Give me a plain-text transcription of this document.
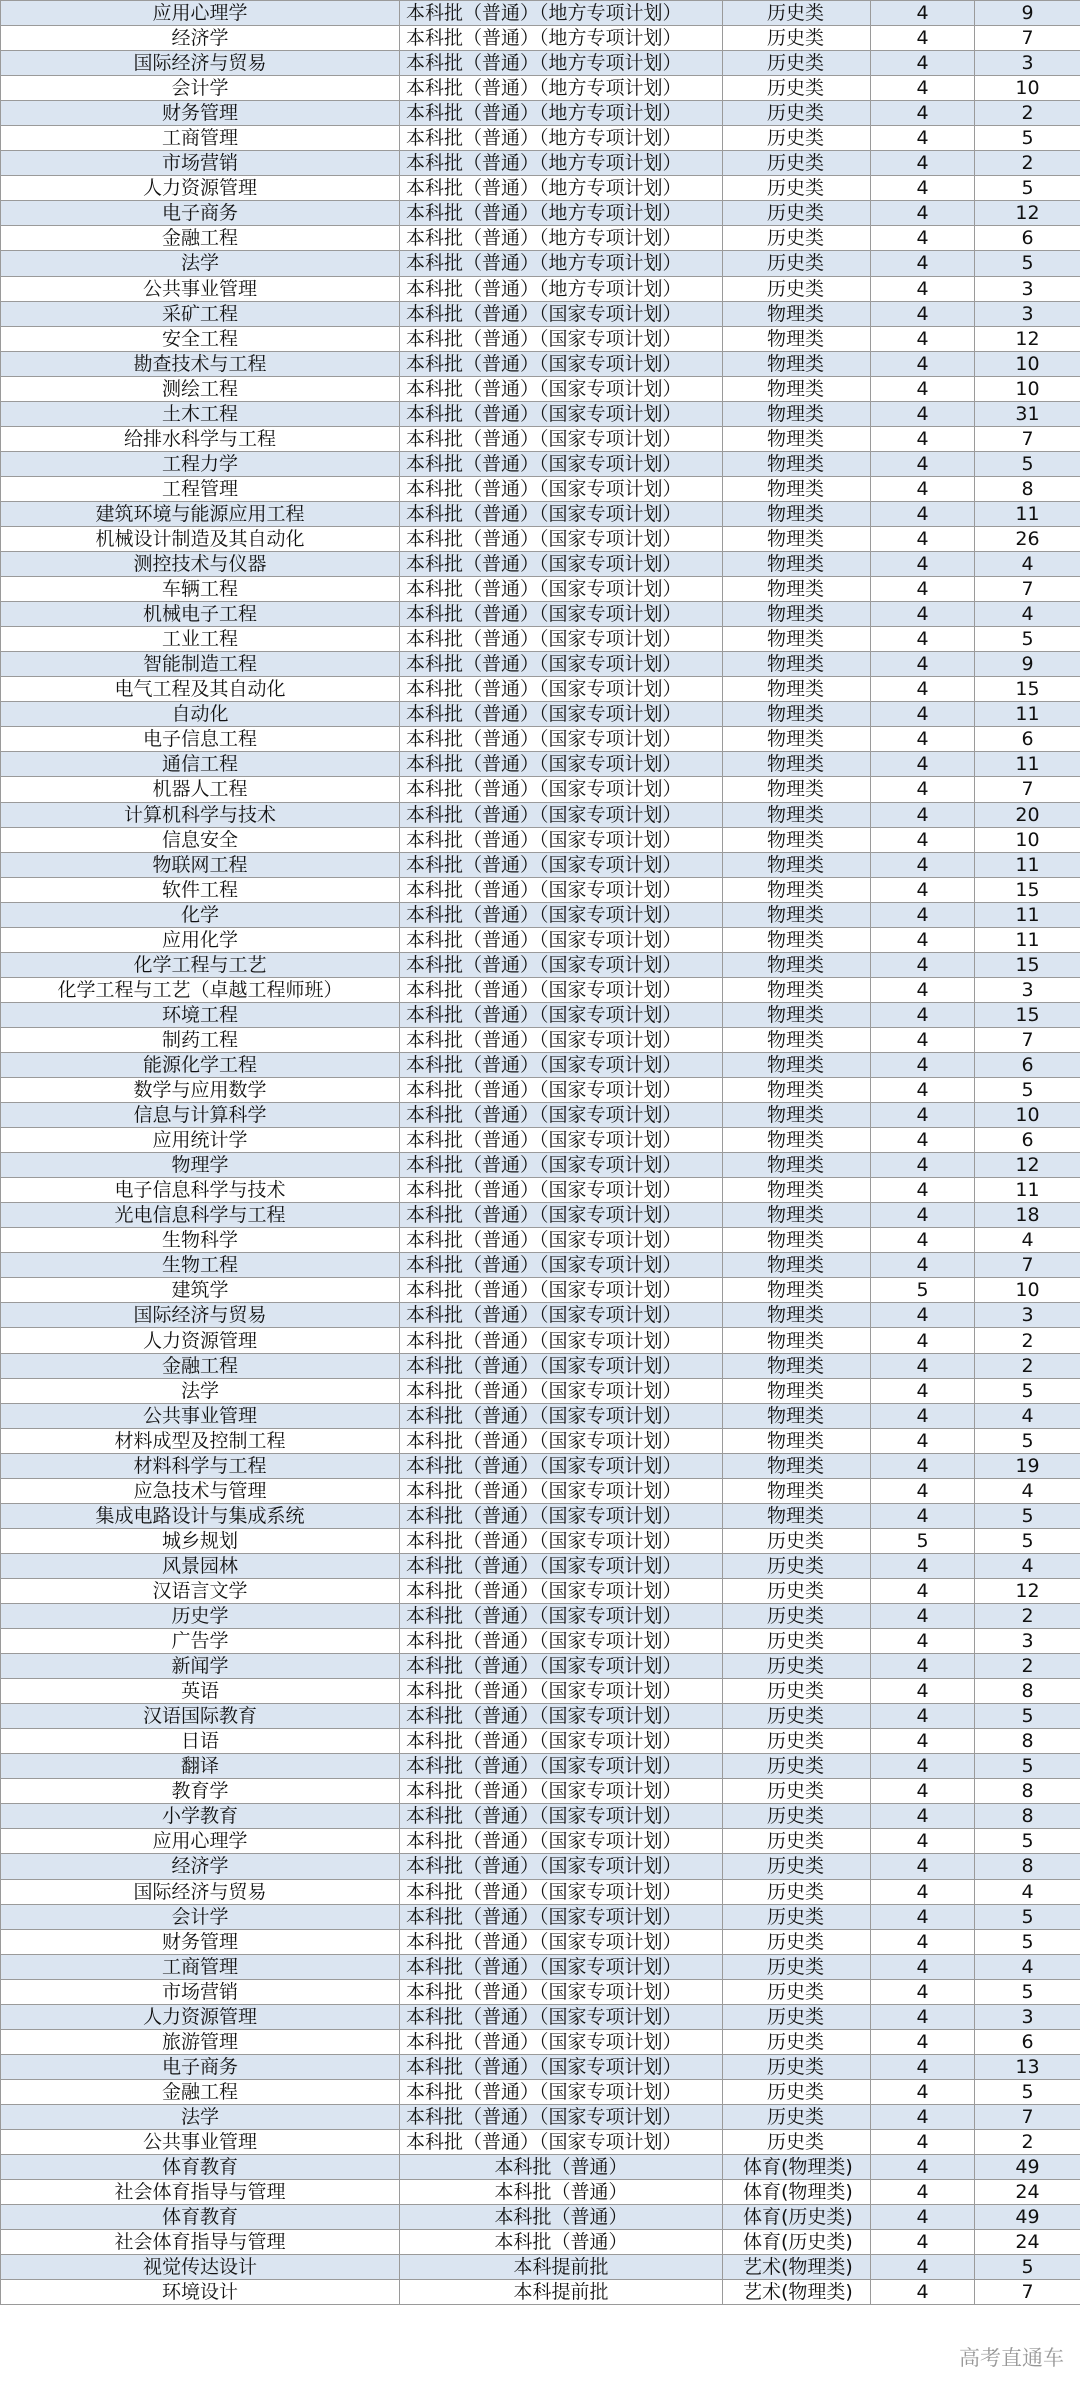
应用心理学	本科批（普通）（地方专项计划）	历史类	4	9
经济学	本科批（普通）（地方专项计划）	历史类	4	7
国际经济与贸易	本科批（普通）（地方专项计划）	历史类	4	3
会计学	本科批（普通）（地方专项计划）	历史类	4	10
财务管理	本科批（普通）（地方专项计划）	历史类	4	2
工商管理	本科批（普通）（地方专项计划）	历史类	4	5
市场营销	本科批（普通）（地方专项计划）	历史类	4	2
人力资源管理	本科批（普通）（地方专项计划）	历史类	4	5
电子商务	本科批（普通）（地方专项计划）	历史类	4	12
金融工程	本科批（普通）（地方专项计划）	历史类	4	6
法学	本科批（普通）（地方专项计划）	历史类	4	5
公共事业管理	本科批（普通）（地方专项计划）	历史类	4	3
采矿工程	本科批（普通）（国家专项计划）	物理类	4	3
安全工程	本科批（普通）（国家专项计划）	物理类	4	12
勘查技术与工程	本科批（普通）（国家专项计划）	物理类	4	10
测绘工程	本科批（普通）（国家专项计划）	物理类	4	10
土木工程	本科批（普通）（国家专项计划）	物理类	4	31
给排水科学与工程	本科批（普通）（国家专项计划）	物理类	4	7
工程力学	本科批（普通）（国家专项计划）	物理类	4	5
工程管理	本科批（普通）（国家专项计划）	物理类	4	8
建筑环境与能源应用工程	本科批（普通）（国家专项计划）	物理类	4	11
机械设计制造及其自动化	本科批（普通）（国家专项计划）	物理类	4	26
测控技术与仪器	本科批（普通）（国家专项计划）	物理类	4	4
车辆工程	本科批（普通）（国家专项计划）	物理类	4	7
机械电子工程	本科批（普通）（国家专项计划）	物理类	4	4
工业工程	本科批（普通）（国家专项计划）	物理类	4	5
智能制造工程	本科批（普通）（国家专项计划）	物理类	4	9
电气工程及其自动化	本科批（普通）（国家专项计划）	物理类	4	15
自动化	本科批（普通）（国家专项计划）	物理类	4	11
电子信息工程	本科批（普通）（国家专项计划）	物理类	4	6
通信工程	本科批（普通）（国家专项计划）	物理类	4	11
机器人工程	本科批（普通）（国家专项计划）	物理类	4	7
计算机科学与技术	本科批（普通）（国家专项计划）	物理类	4	20
信息安全	本科批（普通）（国家专项计划）	物理类	4	10
物联网工程	本科批（普通）（国家专项计划）	物理类	4	11
软件工程	本科批（普通）（国家专项计划）	物理类	4	15
化学	本科批（普通）（国家专项计划）	物理类	4	11
应用化学	本科批（普通）（国家专项计划）	物理类	4	11
化学工程与工艺	本科批（普通）（国家专项计划）	物理类	4	15
化学工程与工艺（卓越工程师班）	本科批（普通）（国家专项计划）	物理类	4	3
环境工程	本科批（普通）（国家专项计划）	物理类	4	15
制药工程	本科批（普通）（国家专项计划）	物理类	4	7
能源化学工程	本科批（普通）（国家专项计划）	物理类	4	6
数学与应用数学	本科批（普通）（国家专项计划）	物理类	4	5
信息与计算科学	本科批（普通）（国家专项计划）	物理类	4	10
应用统计学	本科批（普通）（国家专项计划）	物理类	4	6
物理学	本科批（普通）（国家专项计划）	物理类	4	12
电子信息科学与技术	本科批（普通）（国家专项计划）	物理类	4	11
光电信息科学与工程	本科批（普通）（国家专项计划）	物理类	4	18
生物科学	本科批（普通）（国家专项计划）	物理类	4	4
生物工程	本科批（普通）（国家专项计划）	物理类	4	7
建筑学	本科批（普通）（国家专项计划）	物理类	5	10
国际经济与贸易	本科批（普通）（国家专项计划）	物理类	4	3
人力资源管理	本科批（普通）（国家专项计划）	物理类	4	2
金融工程	本科批（普通）（国家专项计划）	物理类	4	2
法学	本科批（普通）（国家专项计划）	物理类	4	5
公共事业管理	本科批（普通）（国家专项计划）	物理类	4	4
材料成型及控制工程	本科批（普通）（国家专项计划）	物理类	4	5
材料科学与工程	本科批（普通）（国家专项计划）	物理类	4	19
应急技术与管理	本科批（普通）（国家专项计划）	物理类	4	4
集成电路设计与集成系统	本科批（普通）（国家专项计划）	物理类	4	5
城乡规划	本科批（普通）（国家专项计划）	历史类	5	5
风景园林	本科批（普通）（国家专项计划）	历史类	4	4
汉语言文学	本科批（普通）（国家专项计划）	历史类	4	12
历史学	本科批（普通）（国家专项计划）	历史类	4	2
广告学	本科批（普通）（国家专项计划）	历史类	4	3
新闻学	本科批（普通）（国家专项计划）	历史类	4	2
英语	本科批（普通）（国家专项计划）	历史类	4	8
汉语国际教育	本科批（普通）（国家专项计划）	历史类	4	5
日语	本科批（普通）（国家专项计划）	历史类	4	8
翻译	本科批（普通）（国家专项计划）	历史类	4	5
教育学	本科批（普通）（国家专项计划）	历史类	4	8
小学教育	本科批（普通）（国家专项计划）	历史类	4	8
应用心理学	本科批（普通）（国家专项计划）	历史类	4	5
经济学	本科批（普通）（国家专项计划）	历史类	4	8
国际经济与贸易	本科批（普通）（国家专项计划）	历史类	4	4
会计学	本科批（普通）（国家专项计划）	历史类	4	5
财务管理	本科批（普通）（国家专项计划）	历史类	4	5
工商管理	本科批（普通）（国家专项计划）	历史类	4	4
市场营销	本科批（普通）（国家专项计划）	历史类	4	5
人力资源管理	本科批（普通）（国家专项计划）	历史类	4	3
旅游管理	本科批（普通）（国家专项计划）	历史类	4	6
电子商务	本科批（普通）（国家专项计划）	历史类	4	13
金融工程	本科批（普通）（国家专项计划）	历史类	4	5
法学	本科批（普通）（国家专项计划）	历史类	4	7
公共事业管理	本科批（普通）（国家专项计划）	历史类	4	2
体育教育	本科批（普通）	体育(物理类)	4	49
社会体育指导与管理	本科批（普通）	体育(物理类)	4	24
体育教育	本科批（普通）	体育(历史类)	4	49
社会体育指导与管理	本科批（普通）	体育(历史类)	4	24
视觉传达设计	本科提前批	艺术(物理类)	4	5
环境设计	本科提前批	艺术(物理类)	4	7
高考直通车
